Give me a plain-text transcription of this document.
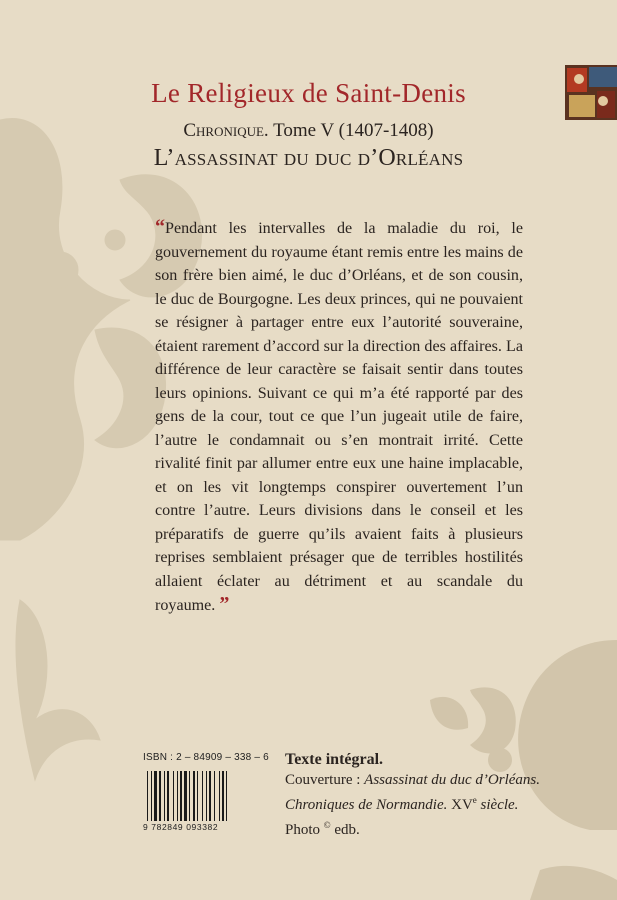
Le Religieux de Saint-Denis
Chronique. Tome V (1407-1408)
L’assassinat du duc d’Orléans
“Pendant les intervalles de la maladie du roi, le gouvernement du royaume étant remis entre les mains de son frère bien aimé, le duc d’Orléans, et de son cousin, le duc de Bourgogne. Les deux princes, qui ne pouvaient se résigner à partager entre eux l’autorité souveraine, étaient rarement d’accord sur la direction des affaires. La différence de leur caractère se faisait sentir dans toutes leurs opinions. Suivant ce qui m’a été rapporté par des gens de la cour, tout ce que l’un jugeait utile de faire, l’autre le condamnait ou s’en montrait irrité. Cette rivalité finit par allumer entre eux une haine implacable, et on les vit longtemps conspirer ouvertement l’un contre l’autre. Leurs divisions dans le conseil et les préparatifs de guerre qu’ils avaient faits à plusieurs reprises semblaient présager que de terribles hostilités allaient éclater au détriment et au scandale du royaume. ”
ISBN : 2 – 84909 – 338 – 6
9 782849 093382
Texte intégral.
Couverture : Assassinat du duc d’Orléans.
Chroniques de Normandie. XVe siècle.
Photo © edb.
